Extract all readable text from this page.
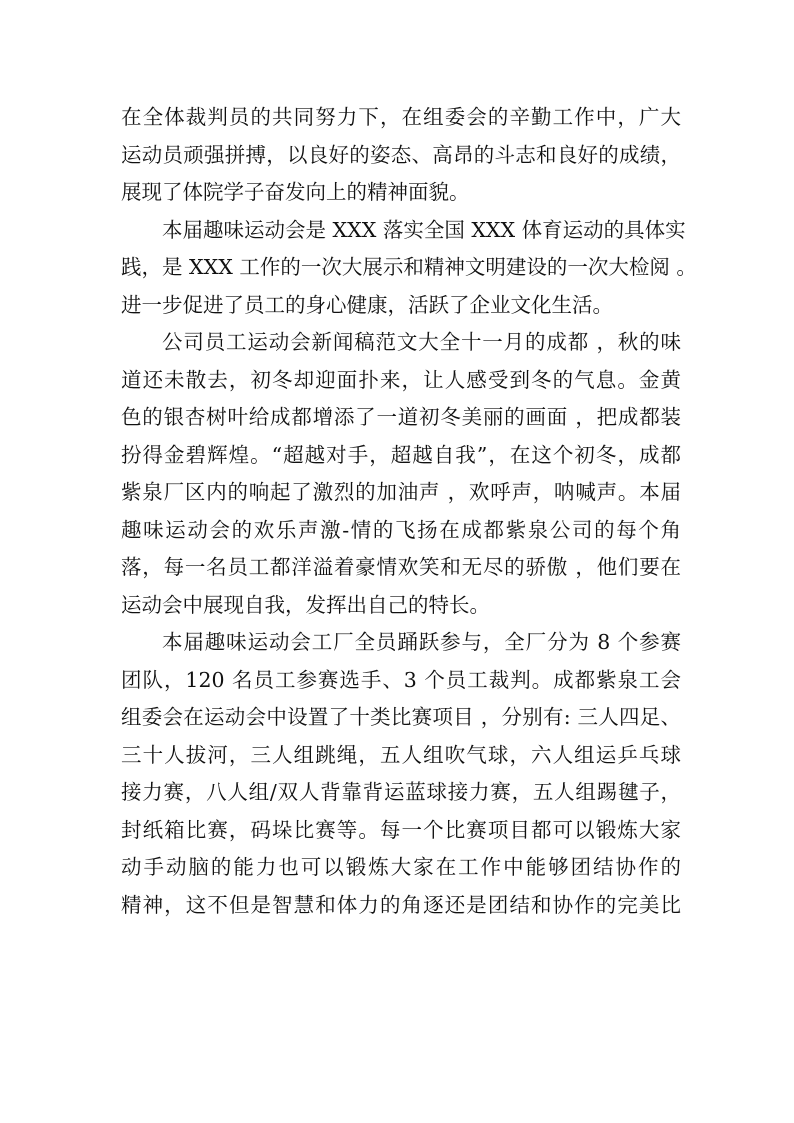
在全体裁判员的共同努力下，在组委会的辛勤工作中，广大
运动员顽强拼搏，以良好的姿态、高昂的斗志和良好的成绩，
展现了体院学子奋发向上的精神面貌。
本届趣味运动会是 XXX 落实全国 XXX 体育运动的具体实
践，是 XXX 工作的一次大展示和精神文明建设的一次大检阅 。
进一步促进了员工的身心健康，活跃了企业文化生活。
公司员工运动会新闻稿范文大全十一月的成都 ，秋的味
道还未散去，初冬却迎面扑来，让人感受到冬的气息。金黄
色的银杏树叶给成都增添了一道初冬美丽的画面 ，把成都装
扮得金碧辉煌。“超越对手，超越自我”，在这个初冬，成都
紫泉厂区内的响起了激烈的加油声 ，欢呼声，呐喊声。本届
趣味运动会的欢乐声激-情的飞扬在成都紫泉公司的每个角
落，每一名员工都洋溢着豪情欢笑和无尽的骄傲 ，他们要在
运动会中展现自我，发挥出自己的特长。
本届趣味运动会工厂全员踊跃参与，全厂分为 8 个参赛
团队，120 名员工参赛选手、3 个员工裁判。成都紫泉工会
组委会在运动会中设置了十类比赛项目 ，分别有: 三人四足、
三十人拔河，三人组跳绳，五人组吹气球，六人组运乒乓球
接力赛，八人组/双人背靠背运蓝球接力赛，五人组踢毽子，
封纸箱比赛，码垛比赛等。每一个比赛项目都可以锻炼大家
动手动脑的能力也可以锻炼大家在工作中能够团结协作的
精神，这不但是智慧和体力的角逐还是团结和协作的完美比
